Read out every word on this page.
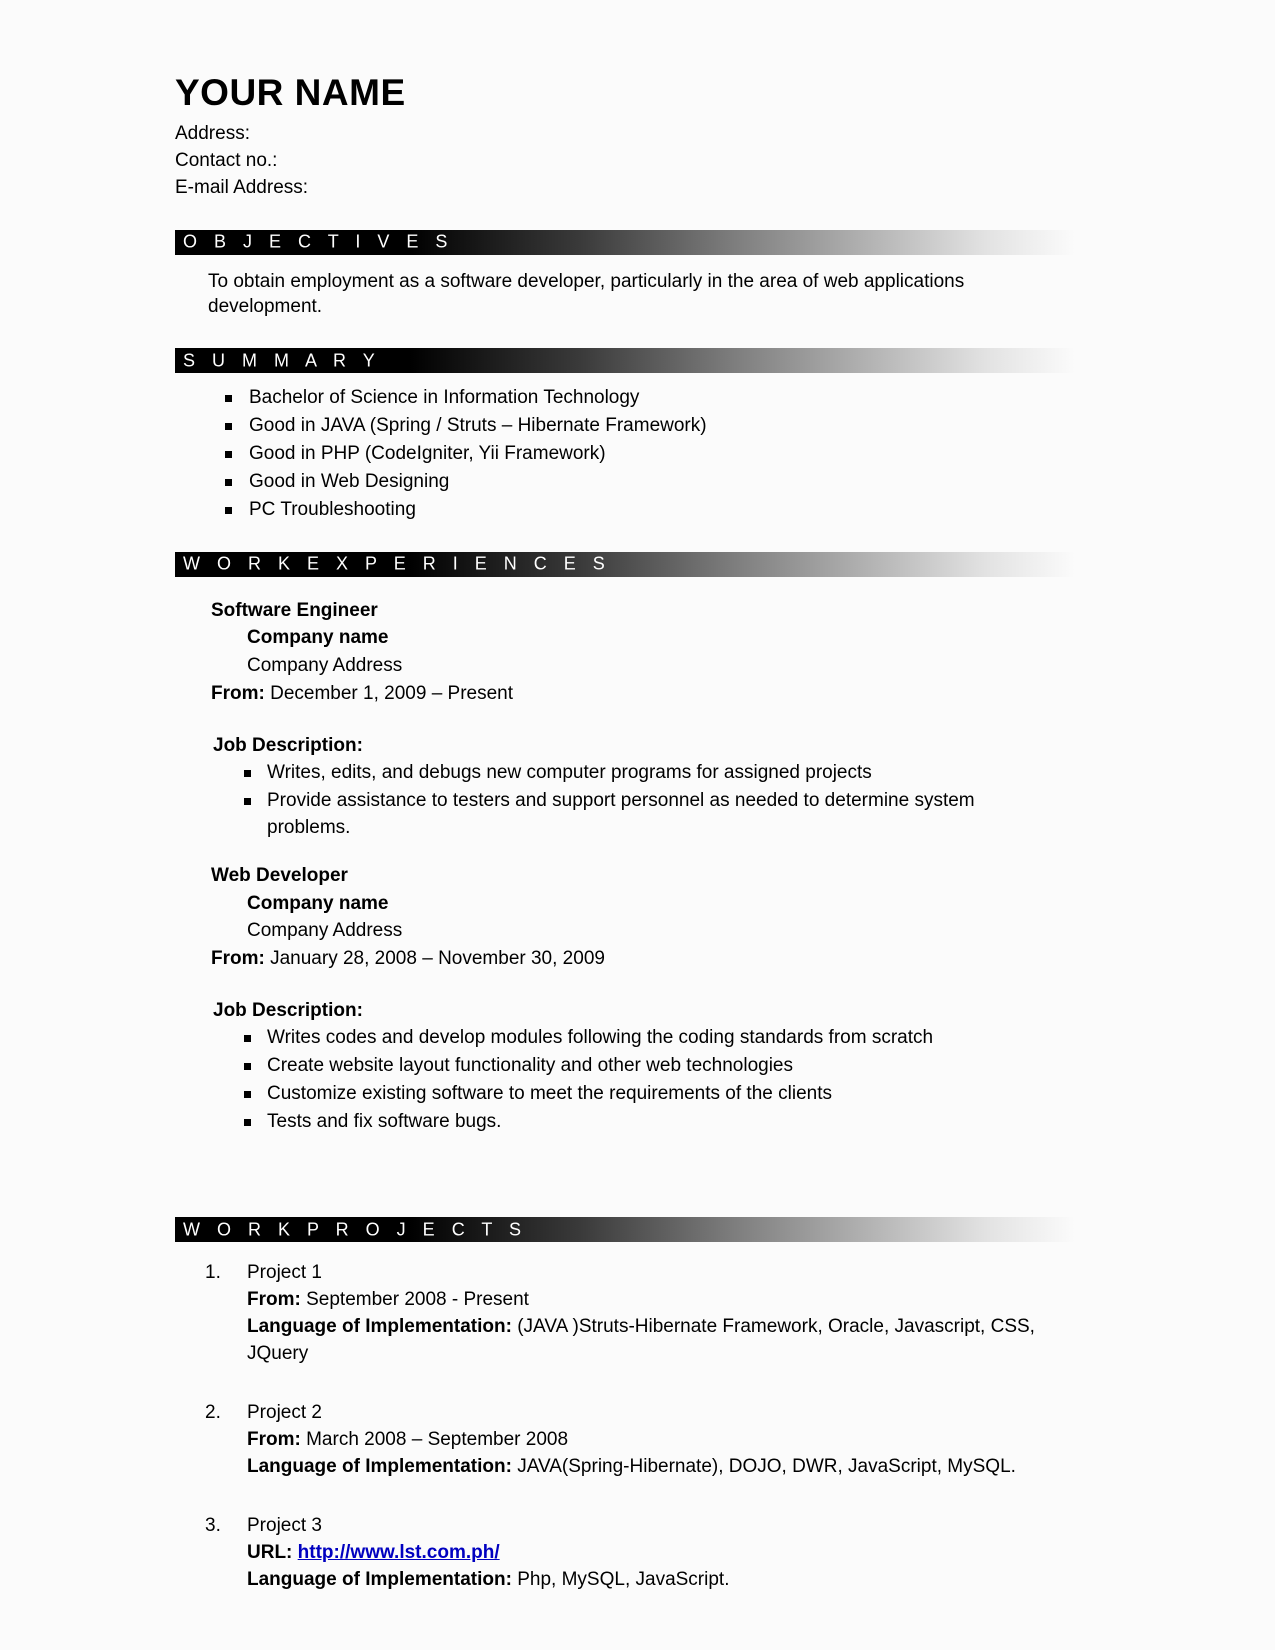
YOUR NAME

Address:

Contact no.:

E-mail Address:

O B J E C T I V E S

To obtain employment as a software developer, particularly in the area of web applications development.

S U M M A R Y
Bachelor of Science in Information Technology
Good in JAVA (Spring / Struts – Hibernate Framework)
Good in PHP (CodeIgniter, Yii Framework)
Good in Web Designing
PC Troubleshooting
W O R K E X P E R I E N C E S
Software Engineer
Company name
Company Address
From: December 1, 2009 – Present
Job Description:
Writes, edits, and debugs new computer programs for assigned projects
Provide assistance to testers and support personnel as needed to determine system problems.
Web Developer
Company name
Company Address
From: January 28, 2008 – November 30, 2009
Job Description:
Writes codes and develop modules following the coding standards from scratch
Create website layout functionality and other web technologies
Customize existing software to meet the requirements of the clients
Tests and fix software bugs.
W O R K P R O J E C T S
1. Project 1
From: September 2008 - Present
Language of Implementation: (JAVA )Struts-Hibernate Framework, Oracle, Javascript, CSS, JQuery
2. Project 2
From: March 2008 – September 2008
Language of Implementation: JAVA(Spring-Hibernate), DOJO, DWR, JavaScript, MySQL.
3. Project 3
URL: http://www.lst.com.ph/
Language of Implementation: Php, MySQL, JavaScript.
